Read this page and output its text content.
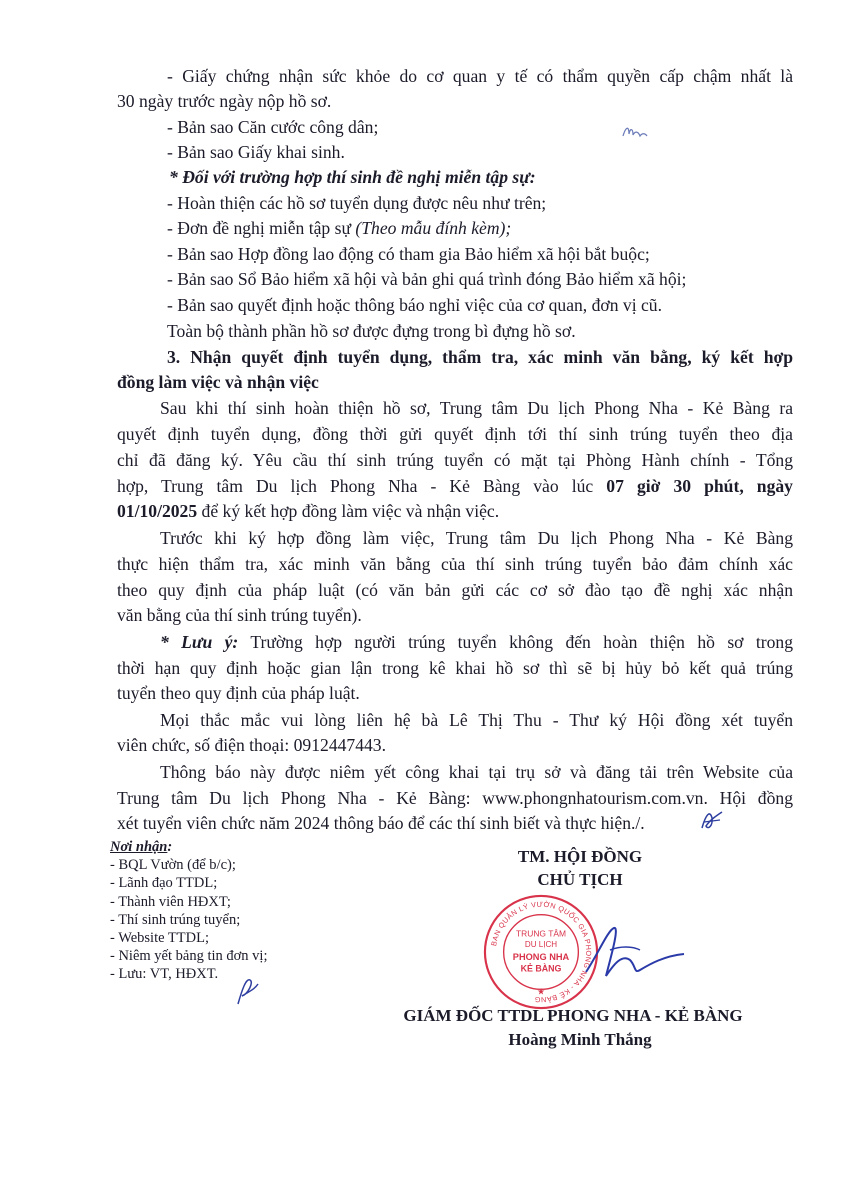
- Giấy chứng nhận sức khỏe do cơ quan y tế có thẩm quyền cấp chậm nhất là
30 ngày trước ngày nộp hồ sơ.
- Bản sao Căn cước công dân;
- Bản sao Giấy khai sinh.
* Đối với trường hợp thí sinh đề nghị miễn tập sự:
- Hoàn thiện các hồ sơ tuyển dụng được nêu như trên;
- Đơn đề nghị miễn tập sự (Theo mẫu đính kèm);
- Bản sao Hợp đồng lao động có tham gia Bảo hiểm xã hội bắt buộc;
- Bản sao Sổ Bảo hiểm xã hội và bản ghi quá trình đóng Bảo hiểm xã hội;
- Bản sao quyết định hoặc thông báo nghỉ việc của cơ quan, đơn vị cũ.
Toàn bộ thành phần hồ sơ được đựng trong bì đựng hồ sơ.
3. Nhận quyết định tuyển dụng, thẩm tra, xác minh văn bằng, ký kết hợp
đồng làm việc và nhận việc
Sau khi thí sinh hoàn thiện hồ sơ, Trung tâm Du lịch Phong Nha - Kẻ Bàng ra
quyết định tuyển dụng, đồng thời gửi quyết định tới thí sinh trúng tuyển theo địa
chỉ đã đăng ký. Yêu cầu thí sinh trúng tuyển có mặt tại Phòng Hành chính - Tổng
hợp, Trung tâm Du lịch Phong Nha - Kẻ Bàng vào lúc 07 giờ 30 phút, ngày
01/10/2025 để ký kết hợp đồng làm việc và nhận việc.
Trước khi ký hợp đồng làm việc, Trung tâm Du lịch Phong Nha - Kẻ Bàng
thực hiện thẩm tra, xác minh văn bằng của thí sinh trúng tuyển bảo đảm chính xác
theo quy định của pháp luật (có văn bản gửi các cơ sở đào tạo đề nghị xác nhận
văn bằng của thí sinh trúng tuyển).
* Lưu ý: Trường hợp người trúng tuyển không đến hoàn thiện hồ sơ trong
thời hạn quy định hoặc gian lận trong kê khai hồ sơ thì sẽ bị hủy bỏ kết quả trúng
tuyển theo quy định của pháp luật.
Mọi thắc mắc vui lòng liên hệ bà Lê Thị Thu - Thư ký Hội đồng xét tuyển
viên chức, số điện thoại: 0912447443.
Thông báo này được niêm yết công khai tại trụ sở và đăng tải trên Website của
Trung tâm Du lịch Phong Nha - Kẻ Bàng: www.phongnhatourism.com.vn. Hội đồng
xét tuyển viên chức năm 2024 thông báo để các thí sinh biết và thực hiện./.
Nơi nhận:
- BQL Vườn (để b/c);
- Lãnh đạo TTDL;
- Thành viên HĐXT;
- Thí sinh trúng tuyển;
- Website TTDL;
- Niêm yết bảng tin đơn vị;
- Lưu: VT, HĐXT.
TM. HỘI ĐỒNG
CHỦ TỊCH
BAN QUẢN LÝ VƯỜN QUỐC GIA PHONG NHA - KẺ BÀNG
TRUNG TÂM
DU LỊCH
PHONG NHA
KẺ BÀNG
★
GIÁM ĐỐC TTDL PHONG NHA - KẺ BÀNG
Hoàng Minh Thắng
